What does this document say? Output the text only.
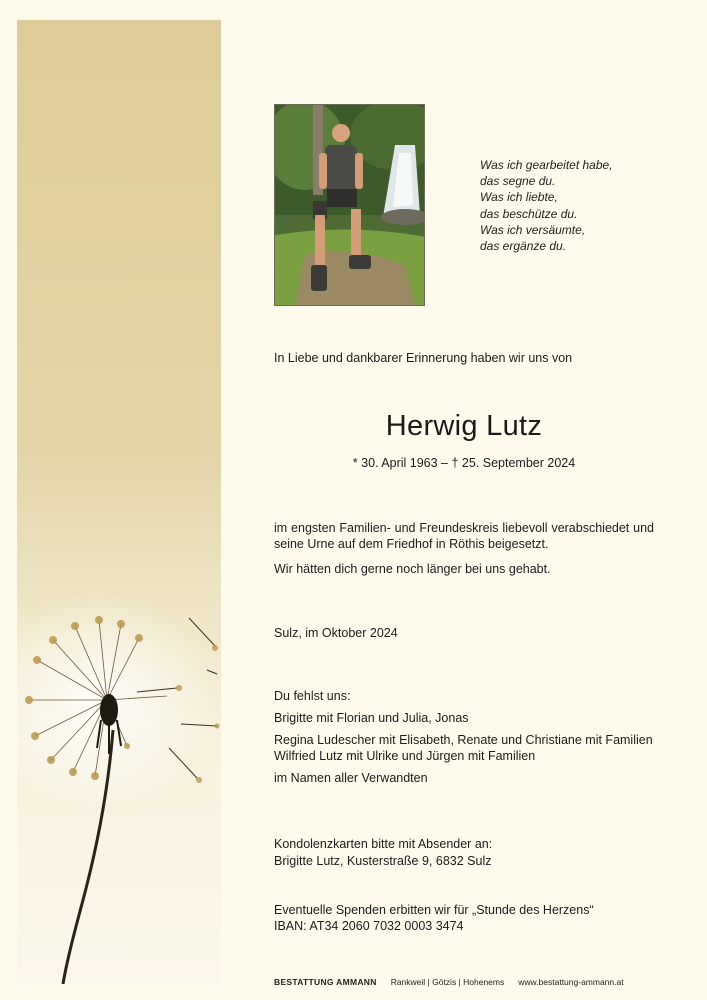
Was ich gearbeitet habe,
das segne du.
Was ich liebte,
das beschütze du.
Was ich versäumte,
das ergänze du.
In Liebe und dankbarer Erinnerung haben wir uns von
Herwig Lutz
* 30. April 1963 – † 25. September 2024
im engsten Familien- und Freundeskreis liebevoll verabschiedet und seine Urne auf dem Friedhof in Röthis beigesetzt.
Wir hätten dich gerne noch länger bei uns gehabt.
Sulz, im Oktober 2024
Du fehlst uns:
Brigitte mit Florian und Julia, Jonas
Regina Ludescher mit Elisabeth, Renate und Christiane mit Familien
Wilfried Lutz mit Ulrike und Jürgen mit Familien
im Namen aller Verwandten
Kondolenzkarten bitte mit Absender an:
Brigitte Lutz, Kusterstraße 9, 6832 Sulz
Eventuelle Spenden erbitten wir für „Stunde des Herzens“
IBAN: AT34 2060 7032 0003 3474
BESTATTUNG AMMANN Rankweil | Götzis | Hohenems www.bestattung-ammann.at
